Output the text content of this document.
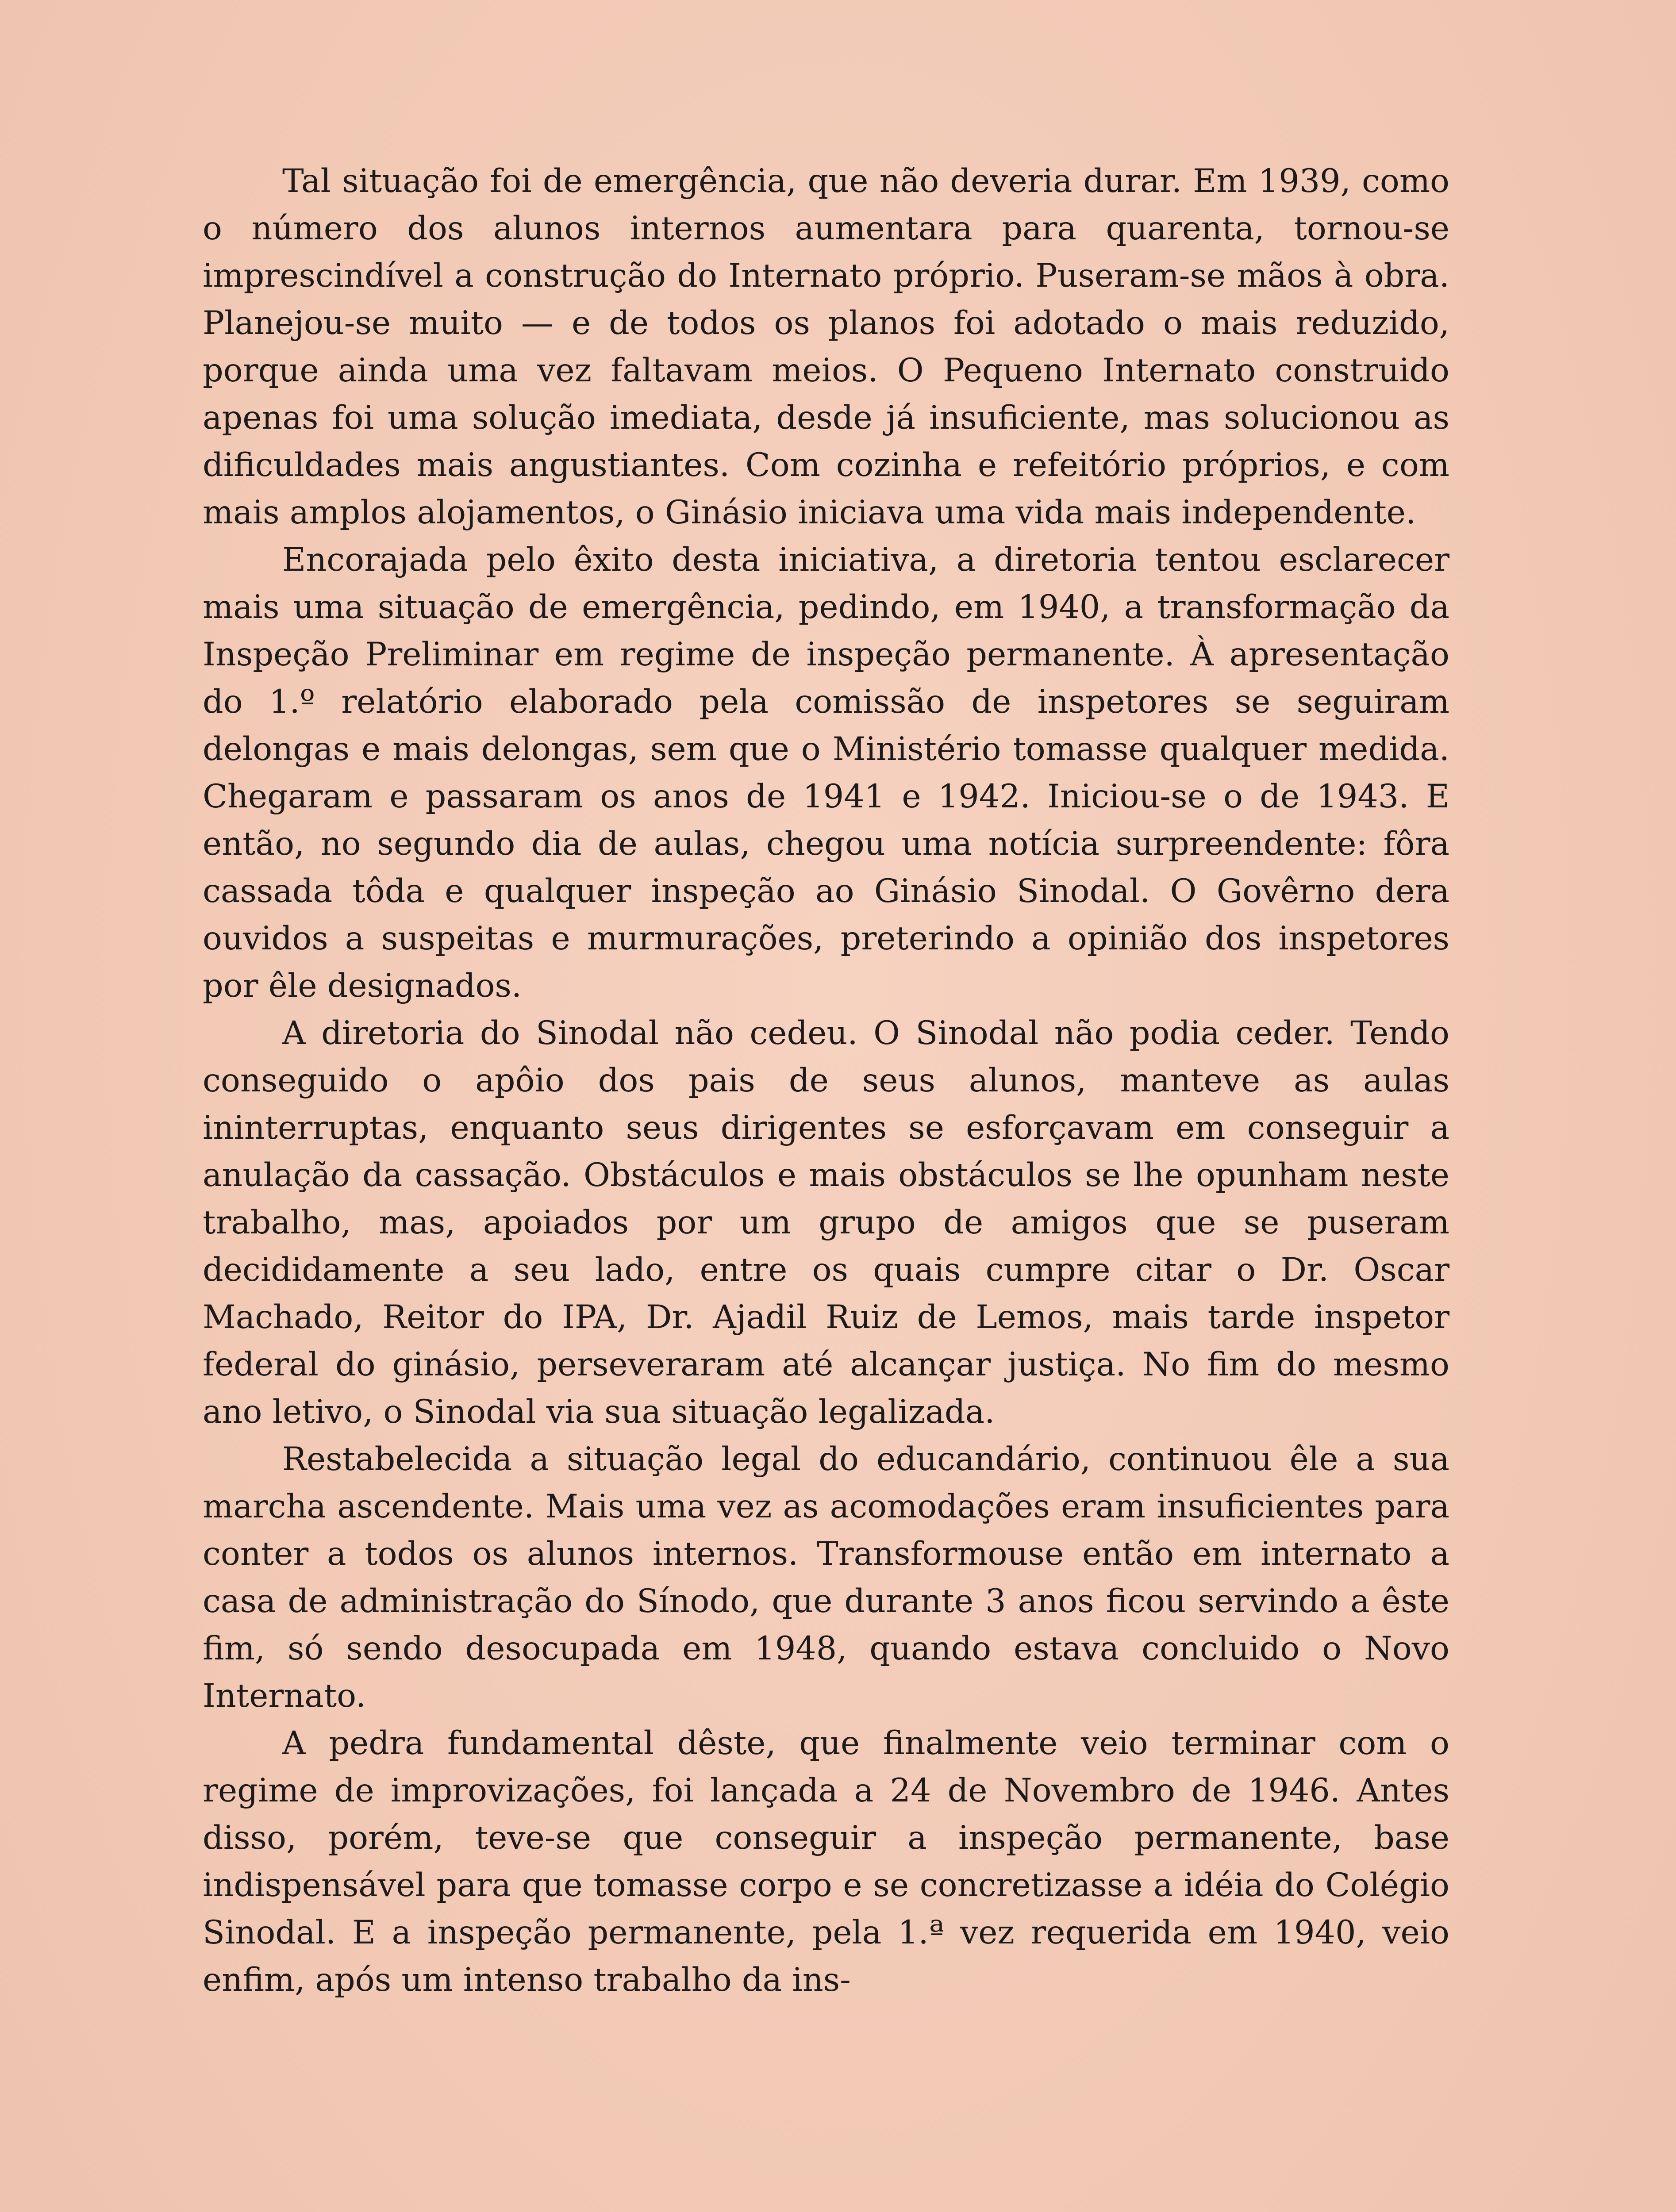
Tal situação foi de emergência, que não deveria durar. Em 1939, como o número dos alunos internos aumentara para quarenta, tornou-se imprescindível a construção do Internato próprio. Puseram-se mãos à obra. Planejou-se muito — e de todos os planos foi adotado o mais reduzido, porque ainda uma vez faltavam meios. O Pequeno Internato construido apenas foi uma solução imediata, desde já insuficiente, mas solucionou as dificuldades mais angustiantes. Com cozinha e refeitório próprios, e com mais amplos alojamentos, o Ginásio iniciava uma vida mais independente.

Encorajada pelo êxito desta iniciativa, a diretoria tentou esclarecer mais uma situação de emergência, pedindo, em 1940, a transformação da Inspeção Preliminar em regime de inspeção permanente. À apresentação do 1.º relatório elaborado pela comissão de inspetores se seguiram delongas e mais delongas, sem que o Ministério tomasse qualquer medida. Chegaram e passaram os anos de 1941 e 1942. Iniciou-se o de 1943. E então, no segundo dia de aulas, chegou uma notícia surpreendente: fôra cassada tôda e qualquer inspeção ao Ginásio Sinodal. O Govêrno dera ouvidos a suspeitas e murmurações, preterindo a opinião dos inspetores por êle designados.

A diretoria do Sinodal não cedeu. O Sinodal não podia ceder. Tendo conseguido o apôio dos pais de seus alunos, manteve as aulas ininterruptas, enquanto seus dirigentes se esforçavam em conseguir a anulação da cassação. Obstáculos e mais obstáculos se lhe opunham neste trabalho, mas, apoiados por um grupo de amigos que se puseram decididamente a seu lado, entre os quais cumpre citar o Dr. Oscar Machado, Reitor do IPA, Dr. Ajadil Ruiz de Lemos, mais tarde inspetor federal do ginásio, perseveraram até alcançar justiça. No fim do mesmo ano letivo, o Sinodal via sua situação legalizada.

Restabelecida a situação legal do educandário, continuou êle a sua marcha ascendente. Mais uma vez as acomodações eram insuficientes para conter a todos os alunos internos. Transformouse então em internato a casa de administração do Sínodo, que durante 3 anos ficou servindo a êste fim, só sendo desocupada em 1948, quando estava concluido o Novo Internato.

A pedra fundamental dêste, que finalmente veio terminar com o regime de improvizações, foi lançada a 24 de Novembro de 1946. Antes disso, porém, teve-se que conseguir a inspeção permanente, base indispensável para que tomasse corpo e se concretizasse a idéia do Colégio Sinodal. E a inspeção permanente, pela 1.ª vez requerida em 1940, veio enfim, após um intenso trabalho da ins-
